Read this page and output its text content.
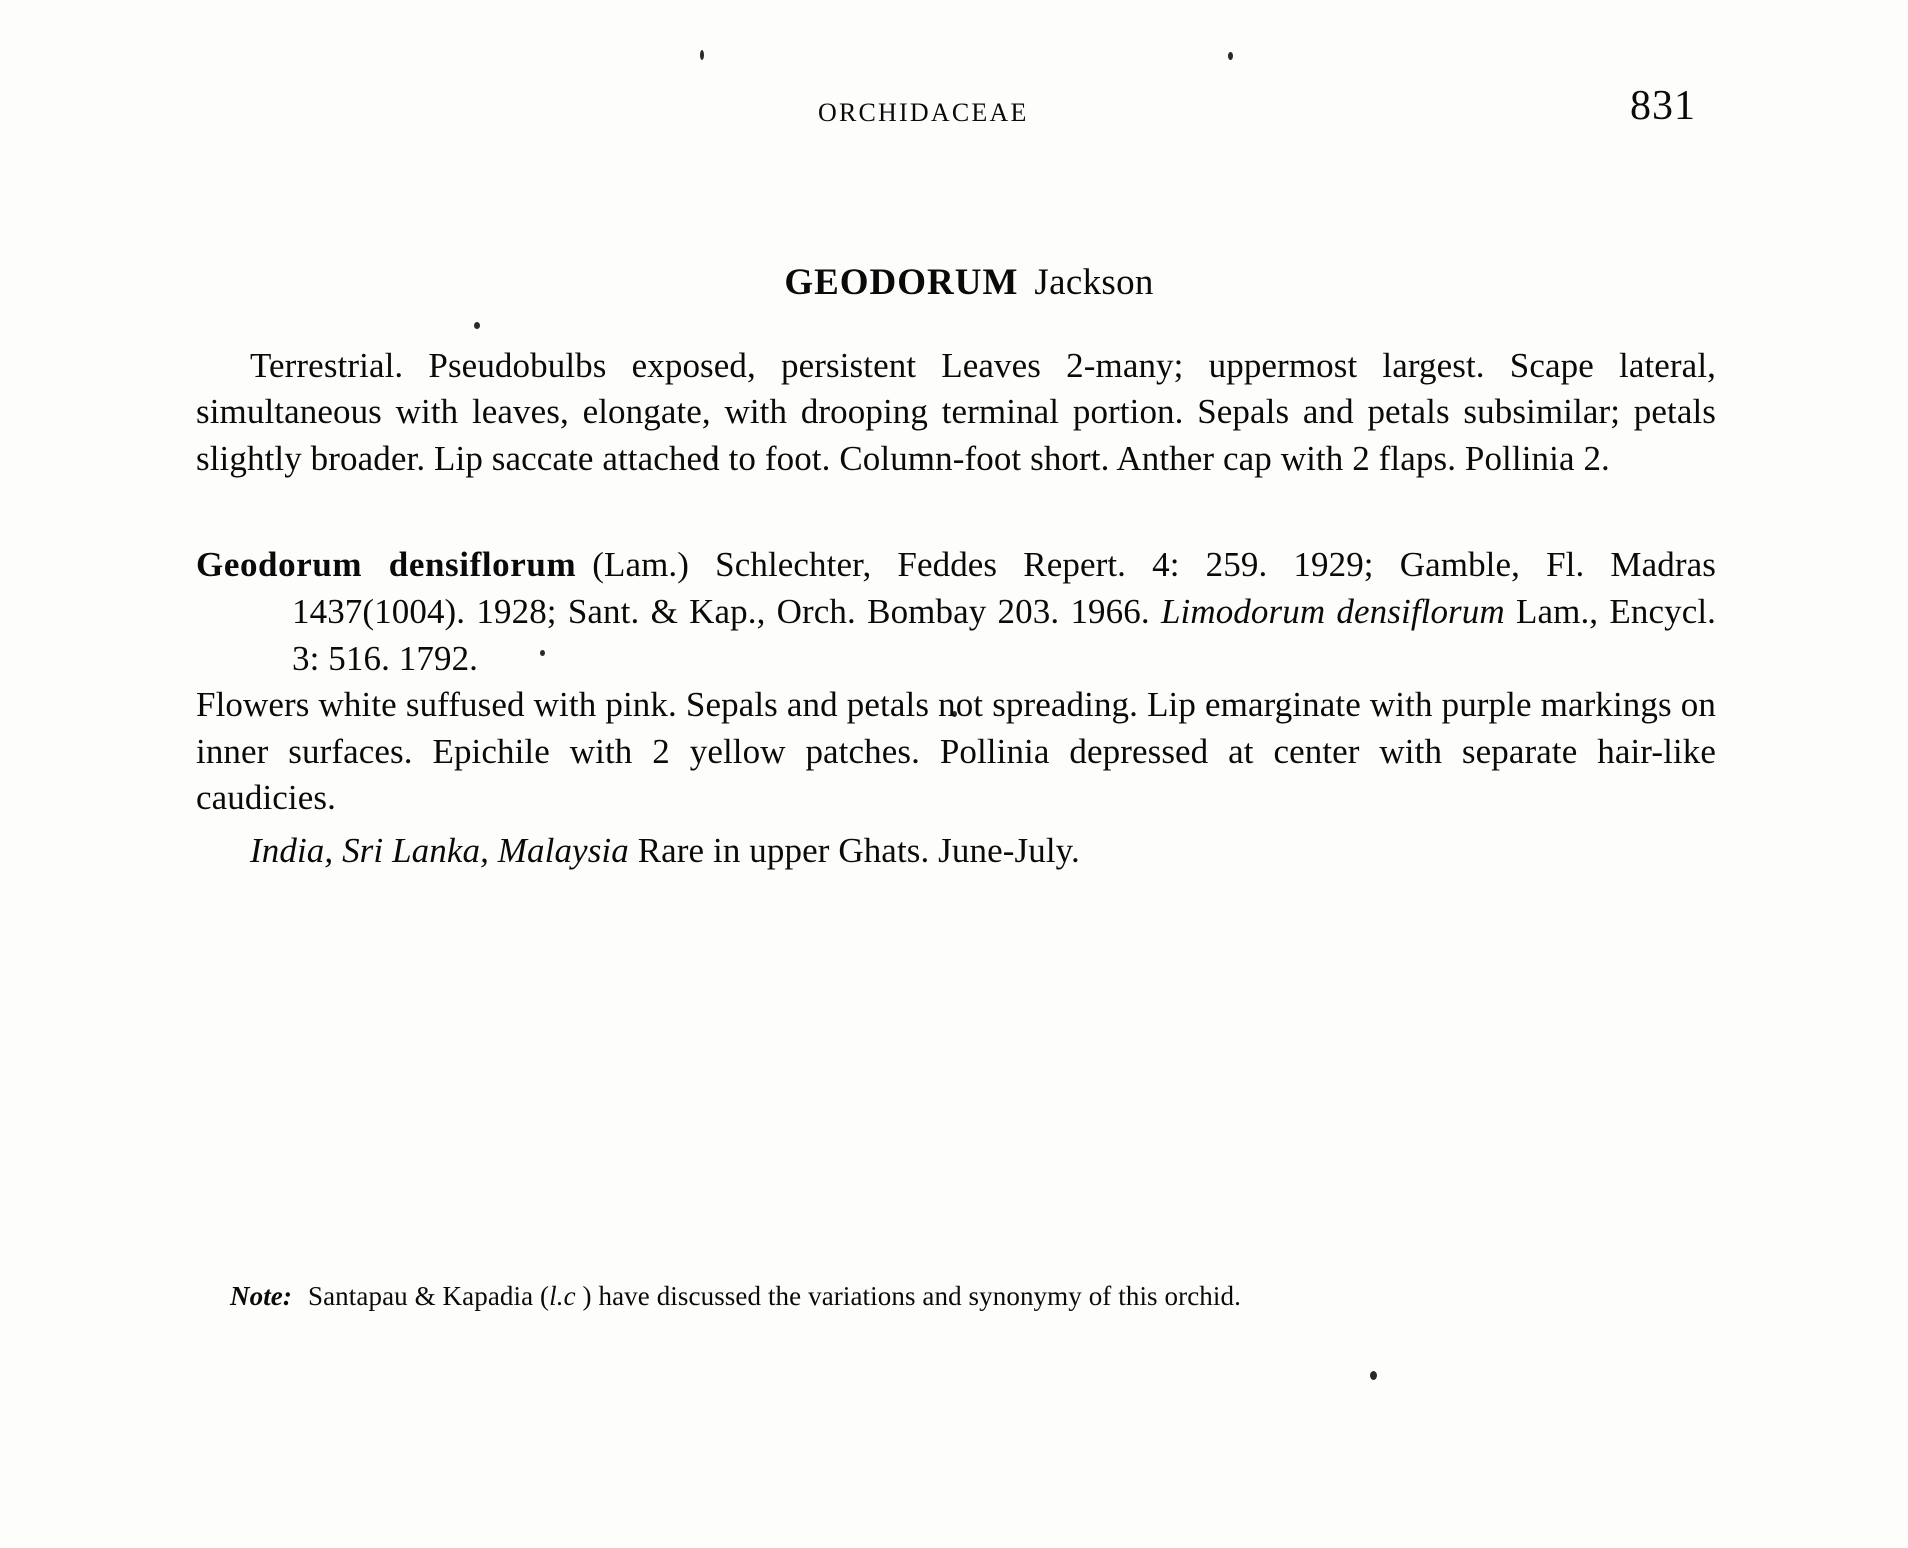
ORCHIDACEAE	831
GEODORUM Jackson

Terrestrial. Pseudobulbs exposed, persistent Leaves 2-many; uppermost largest. Scape lateral, simultaneous with leaves, elongate, with drooping terminal portion. Sepals and petals subsimilar; petals slightly broader. Lip saccate attached to foot. Column-foot short. Anther cap with 2 flaps. Pollinia 2.

Geodorum densiflorum (Lam.) Schlechter, Feddes Repert. 4: 259. 1929; Gamble, Fl. Madras 1437(1004). 1928; Sant. & Kap., Orch. Bombay 203. 1966. Limodorum densiflorum Lam., Encycl. 3: 516. 1792.

Flowers white suffused with pink. Sepals and petals not spreading. Lip emarginate with purple markings on inner surfaces. Epichile with 2 yellow patches. Pollinia depressed at center with separate hair-like caudicies.

India, Sri Lanka, Malaysia Rare in upper Ghats. June-July.

Note: Santapau & Kapadia (l.c ) have discussed the variations and synonymy of this orchid.
